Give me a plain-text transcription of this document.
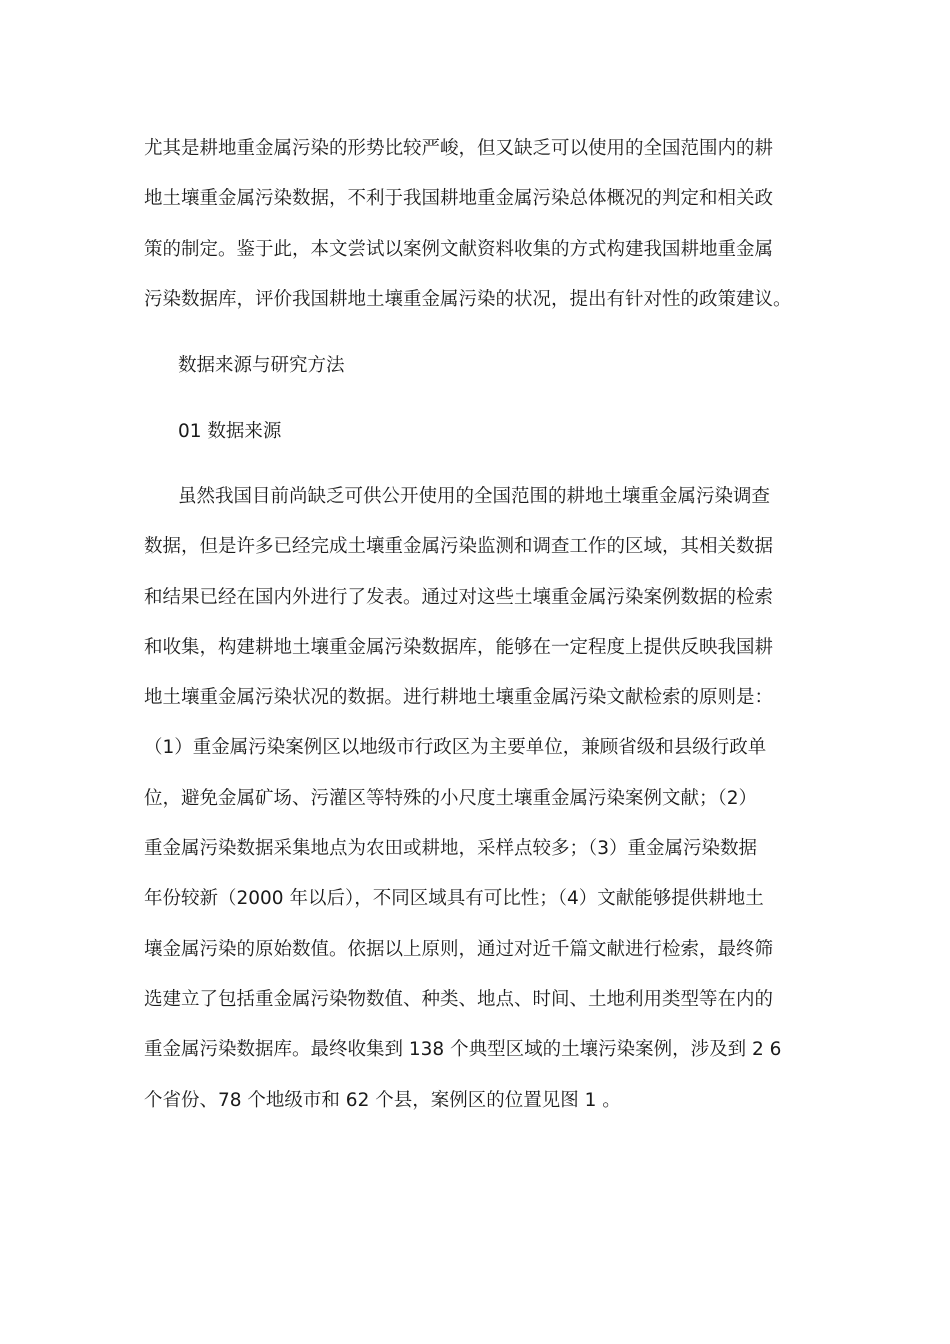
尤其是耕地重金属污染的形势比较严峻，但又缺乏可以使用的全国范围内的耕
地土壤重金属污染数据，不利于我国耕地重金属污染总体概况的判定和相关政
策的制定。鉴于此，本文尝试以案例文献资料收集的方式构建我国耕地重金属
污染数据库，评价我国耕地土壤重金属污染的状况，提出有针对性的政策建议。
数据来源与研究方法
01 数据来源
虽然我国目前尚缺乏可供公开使用的全国范围的耕地土壤重金属污染调查
数据，但是许多已经完成土壤重金属污染监测和调查工作的区域，其相关数据
和结果已经在国内外进行了发表。通过对这些土壤重金属污染案例数据的检索
和收集，构建耕地土壤重金属污染数据库，能够在一定程度上提供反映我国耕
地土壤重金属污染状况的数据。进行耕地土壤重金属污染文献检索的原则是：
（1）重金属污染案例区以地级市行政区为主要单位，兼顾省级和县级行政单
位，避免金属矿场、污灌区等特殊的小尺度土壤重金属污染案例文献；（2）
重金属污染数据采集地点为农田或耕地，采样点较多；（3）重金属污染数据
年份较新（2000 年以后），不同区域具有可比性；（4）文献能够提供耕地土
壤金属污染的原始数值。依据以上原则，通过对近千篇文献进行检索，最终筛
选建立了包括重金属污染物数值、种类、地点、时间、土地利用类型等在内的
重金属污染数据库。最终收集到 138 个典型区域的土壤污染案例，涉及到 2 6
个省份、78 个地级市和 62 个县，案例区的位置见图 1 。
